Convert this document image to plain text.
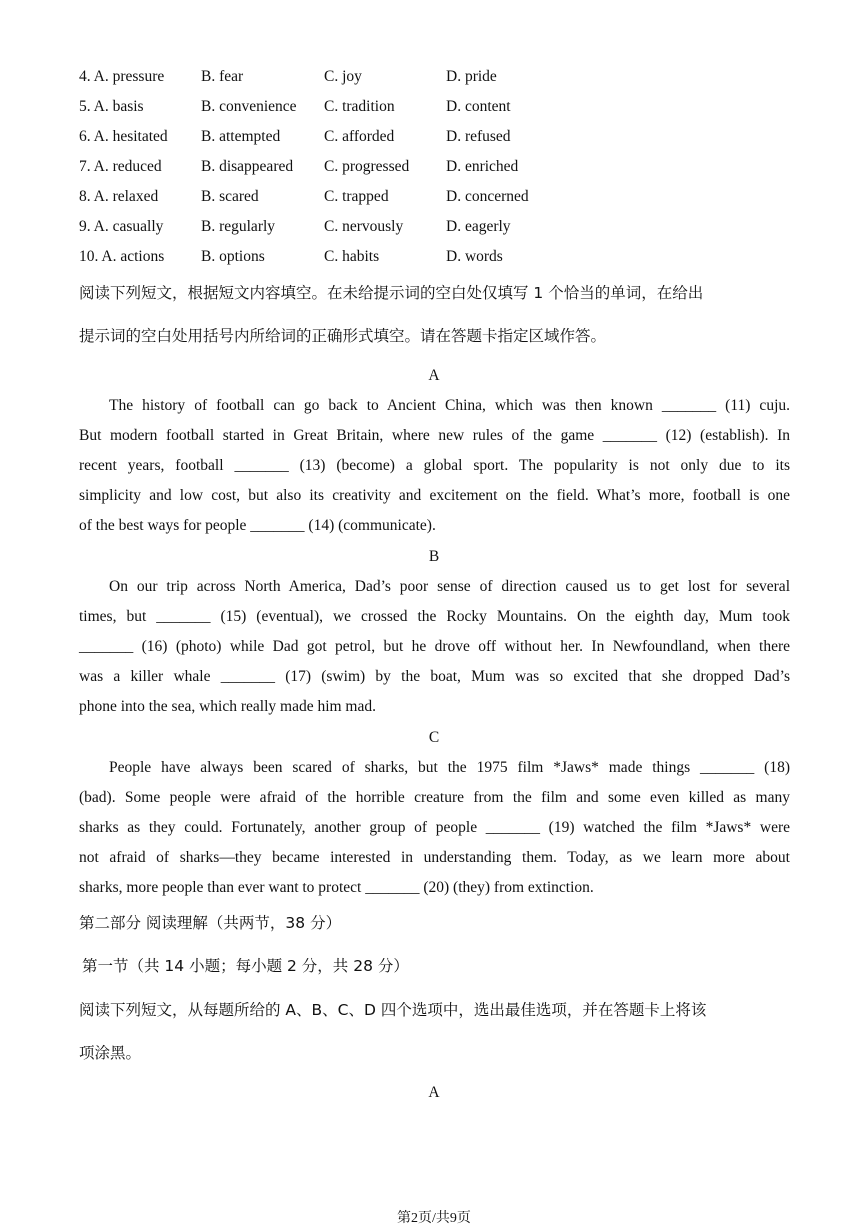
4. A. pressure B. fear	C. joy	D. pride
5. A. basis	B. convenience C. tradition	D. content
6. A. hesitated B. attempted	C. afforded	D. refused
7. A. reduced	B. disappeared C. progressed D. enriched
8. A. relaxed	B. scared	C. trapped	D. concerned
9. A. casually B. regularly	C. nervously	D. eagerly
10. A. actions B. options	C. habits	D. words
阅读下列短文，根据短文内容填空。在未给提示词的空白处仅填写 1 个恰当的单词，在给出
提示词的空白处用括号内所给词的正确形式填空。请在答题卡指定区域作答。
A
The history of football can go back to Ancient China, which was then known _______ (11) cuju.
But modern football started in Great Britain, where new rules of the game _______ (12) (establish). In
recent years, football _______ (13) (become) a global sport. The popularity is not only due to its
simplicity and low cost, but also its creativity and excitement on the field. What’s more, football is one
of the best ways for people _______ (14) (communicate).
B
On our trip across North America, Dad’s poor sense of direction caused us to get lost for several
times, but _______ (15) (eventual), we crossed the Rocky Mountains. On the eighth day, Mum took
_______ (16) (photo) while Dad got petrol, but he drove off without her. In Newfoundland, when there
was a killer whale _______ (17) (swim) by the boat, Mum was so excited that she dropped Dad’s
phone into the sea, which really made him mad.
C
People have always been scared of sharks, but the 1975 film *Jaws* made things _______ (18)
(bad). Some people were afraid of the horrible creature from the film and some even killed as many
sharks as they could. Fortunately, another group of people _______ (19) watched the film *Jaws* were
not afraid of sharks—they became interested in understanding them. Today, as we learn more about
sharks, more people than ever want to protect _______ (20) (they) from extinction.
第二部分 阅读理解（共两节，38 分）
第一节（共 14 小题；每小题 2 分，共 28 分）
阅读下列短文，从每题所给的 A、B、C、D 四个选项中，选出最佳选项，并在答题卡上将该
项涂黑。
A
第2页/共9页
